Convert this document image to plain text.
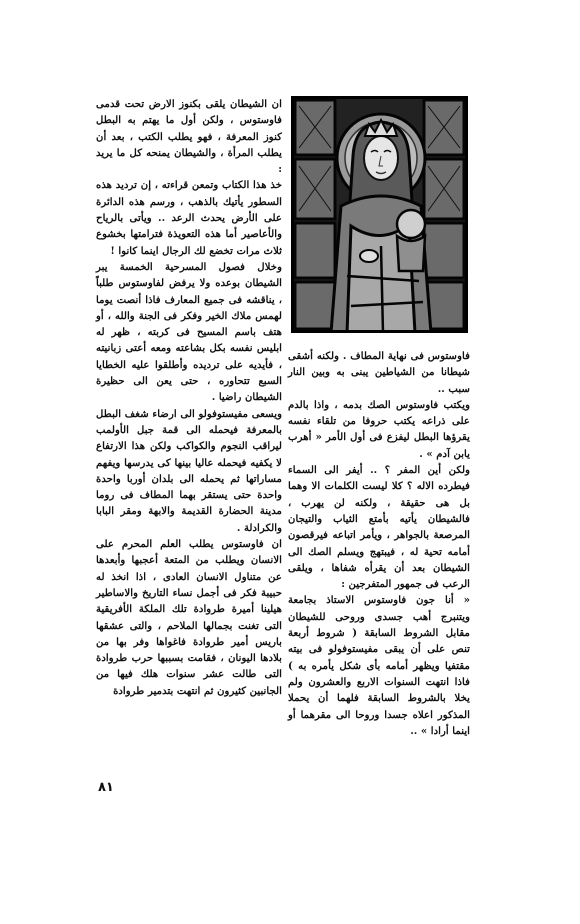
ان الشيطان يلقى بكنوز الارض تحت قدمى فاوستوس ، ولكن أول ما يهتم به البطل كنوز المعرفة ، فهو يطلب الكتب ، بعد أن يطلب المرأة ، والشيطان يمنحه كل ما يريد :

خذ هذا الكتاب وتمعن قراءته ، إن ترديد هذه السطور يأتيك بالذهب ، ورسم هذه الدائرة على الأرض يحدث الرعد .. ويأتى بالرياح والأعاصير أما هذه التعويذة فترامتها بخشوع ثلاث مرات تخضع لك الرجال اينما كانوا !

وخلال فصول المسرحية الخمسة يبر الشيطان بوعده ولا يرفض لفاوستوس طلباً ، يناقشه فى جميع المعارف فاذا أنصت يوما لهمس ملاك الخير وفكر فى الجنة والله ، أو هتف باسم المسيح فى كربته ، ظهر له ابليس نفسه بكل بشاعته ومعه أعتى زبانيته ، فأيديه على ترديده وأطلقوا عليه الخطايا السبع تتحاوره ، حتى يعن الى حظيرة الشيطان راضيا .

ويسعى مفيستوفولو الى ارضاء شغف البطل بالمعرفة فيحمله الى قمة جبل الأولمب ليراقب النجوم والكواكب ولكن هذا الارتفاع لا يكفيه فيحمله عاليا بينها كى يدرسها ويفهم مساراتها ثم يحمله الى بلدان أوربا واحدة واحدة حتى يستقر بهما المطاف فى روما مدينة الحضارة القديمة والابهة ومقر البابا والكرادلة .

ان فاوستوس يطلب العلم المحرم على الانسان ويطلب من المتعة أعجبها وأبعدها عن متناول الانسان العادى ، اذا انخذ له حبيبة فكر فى أجمل نساء التاريخ والاساطير هيلينا أميرة طروادة تلك الملكة الأفريقية التى تغنت بجمالها الملاحم ، والتى عشقها باريس أمير طروادة فاغواها وفر بها من بلادها اليونان ، فقامت بسببها حرب طروادة التى طالت عشر سنوات هلك فيها من الجانبين كثيرون ثم انتهت بتدمير طروادة

فاوستوس فى نهاية المطاف . ولكنه أشقى شيطانا من الشياطين يبنى به وبين النار سبب ..

ويكتب فاوستوس الصك بدمه ، واذا بالدم على ذراعه يكتب حروفا من تلقاء نفسه يقرؤها البطل ليفزع فى أول الأمر « أهرب يابن آدم » .

ولكن أين المفر ؟ .. أيفر الى السماء فيطرده الاله ؟ كلا ليست الكلمات الا وهما بل هى حقيقة ، ولكنه لن يهرب ، فالشيطان يأتيه بأمتع الثياب والتيجان المرصعة بالجواهر ، ويأمر اتباعه فيرقصون أمامه تحية له ، فيبتهج ويسلم الصك الى الشيطان بعد أن يقرأه شفاها ، ويلقى الرعب فى جمهور المتفرجين :

« أنا جون فاوستوس الاستاذ بجامعة ويتنبرج أهب جسدى وروحى للشيطان مقابل الشروط السابقة ( شروط أربعة تنص على أن يبقى مفيستوفولو فى بيته مقتفيا ويظهر أمامه بأى شكل يأمره به ) فاذا انتهت السنوات الاربع والعشرون ولم يخلا بالشروط السابقة فلهما أن يحملا المذكور اعلاه جسدا وروحا الى مقرهما أو اينما أرادا » ..

٨١
